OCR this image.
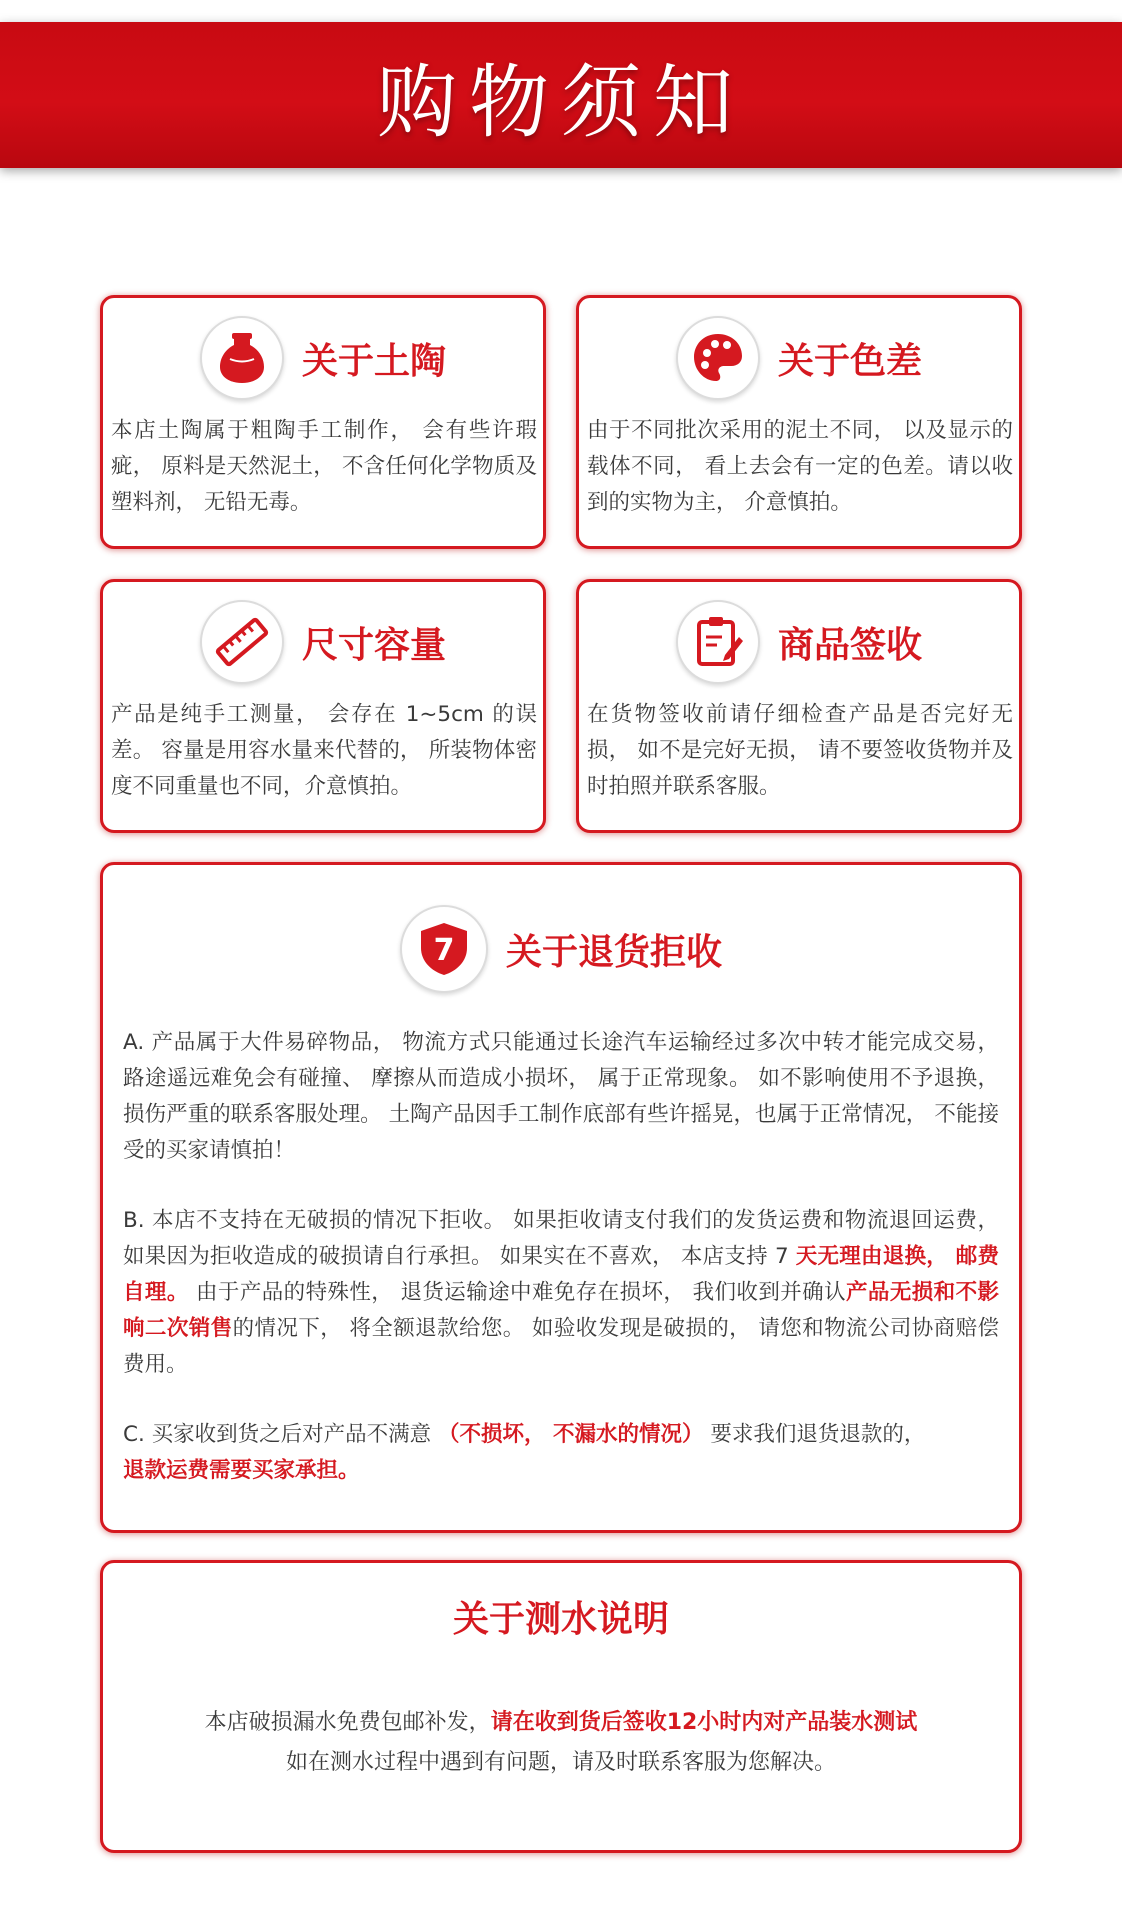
购物须知
关于土陶
本店土陶属于粗陶手工制作， 会有些许瑕疵， 原料是天然泥土， 不含任何化学物质及塑料剂， 无铅无毒。
关于色差
由于不同批次采用的泥土不同， 以及显示的载体不同， 看上去会有一定的色差。请以收到的实物为主， 介意慎拍。
尺寸容量
产品是纯手工测量， 会存在 1~5cm 的误差。 容量是用容水量来代替的， 所装物体密度不同重量也不同，介意慎拍。
商品签收
在货物签收前请仔细检查产品是否完好无损， 如不是完好无损， 请不要签收货物并及时拍照并联系客服。
7 关于退货拒收
A. 产品属于大件易碎物品， 物流方式只能通过长途汽车运输经过多次中转才能完成交易， 路途遥远难免会有碰撞、 摩擦从而造成小损坏， 属于正常现象。 如不影响使用不予退换， 损伤严重的联系客服处理。 土陶产品因手工制作底部有些许摇晃，也属于正常情况， 不能接受的买家请慎拍！
B. 本店不支持在无破损的情况下拒收。 如果拒收请支付我们的发货运费和物流退回运费， 如果因为拒收造成的破损请自行承担。 如果实在不喜欢， 本店支持 7 天无理由退换， 邮费自理。 由于产品的特殊性， 退货运输途中难免存在损坏， 我们收到并确认产品无损和不影响二次销售的情况下， 将全额退款给您。 如验收发现是破损的， 请您和物流公司协商赔偿费用。
C. 买家收到货之后对产品不满意 （不损坏， 不漏水的情况） 要求我们退货退款的，
退款运费需要买家承担。
关于测水说明
本店破损漏水免费包邮补发，请在收到货后签收12小时内对产品装水测试
如在测水过程中遇到有问题，请及时联系客服为您解决。
